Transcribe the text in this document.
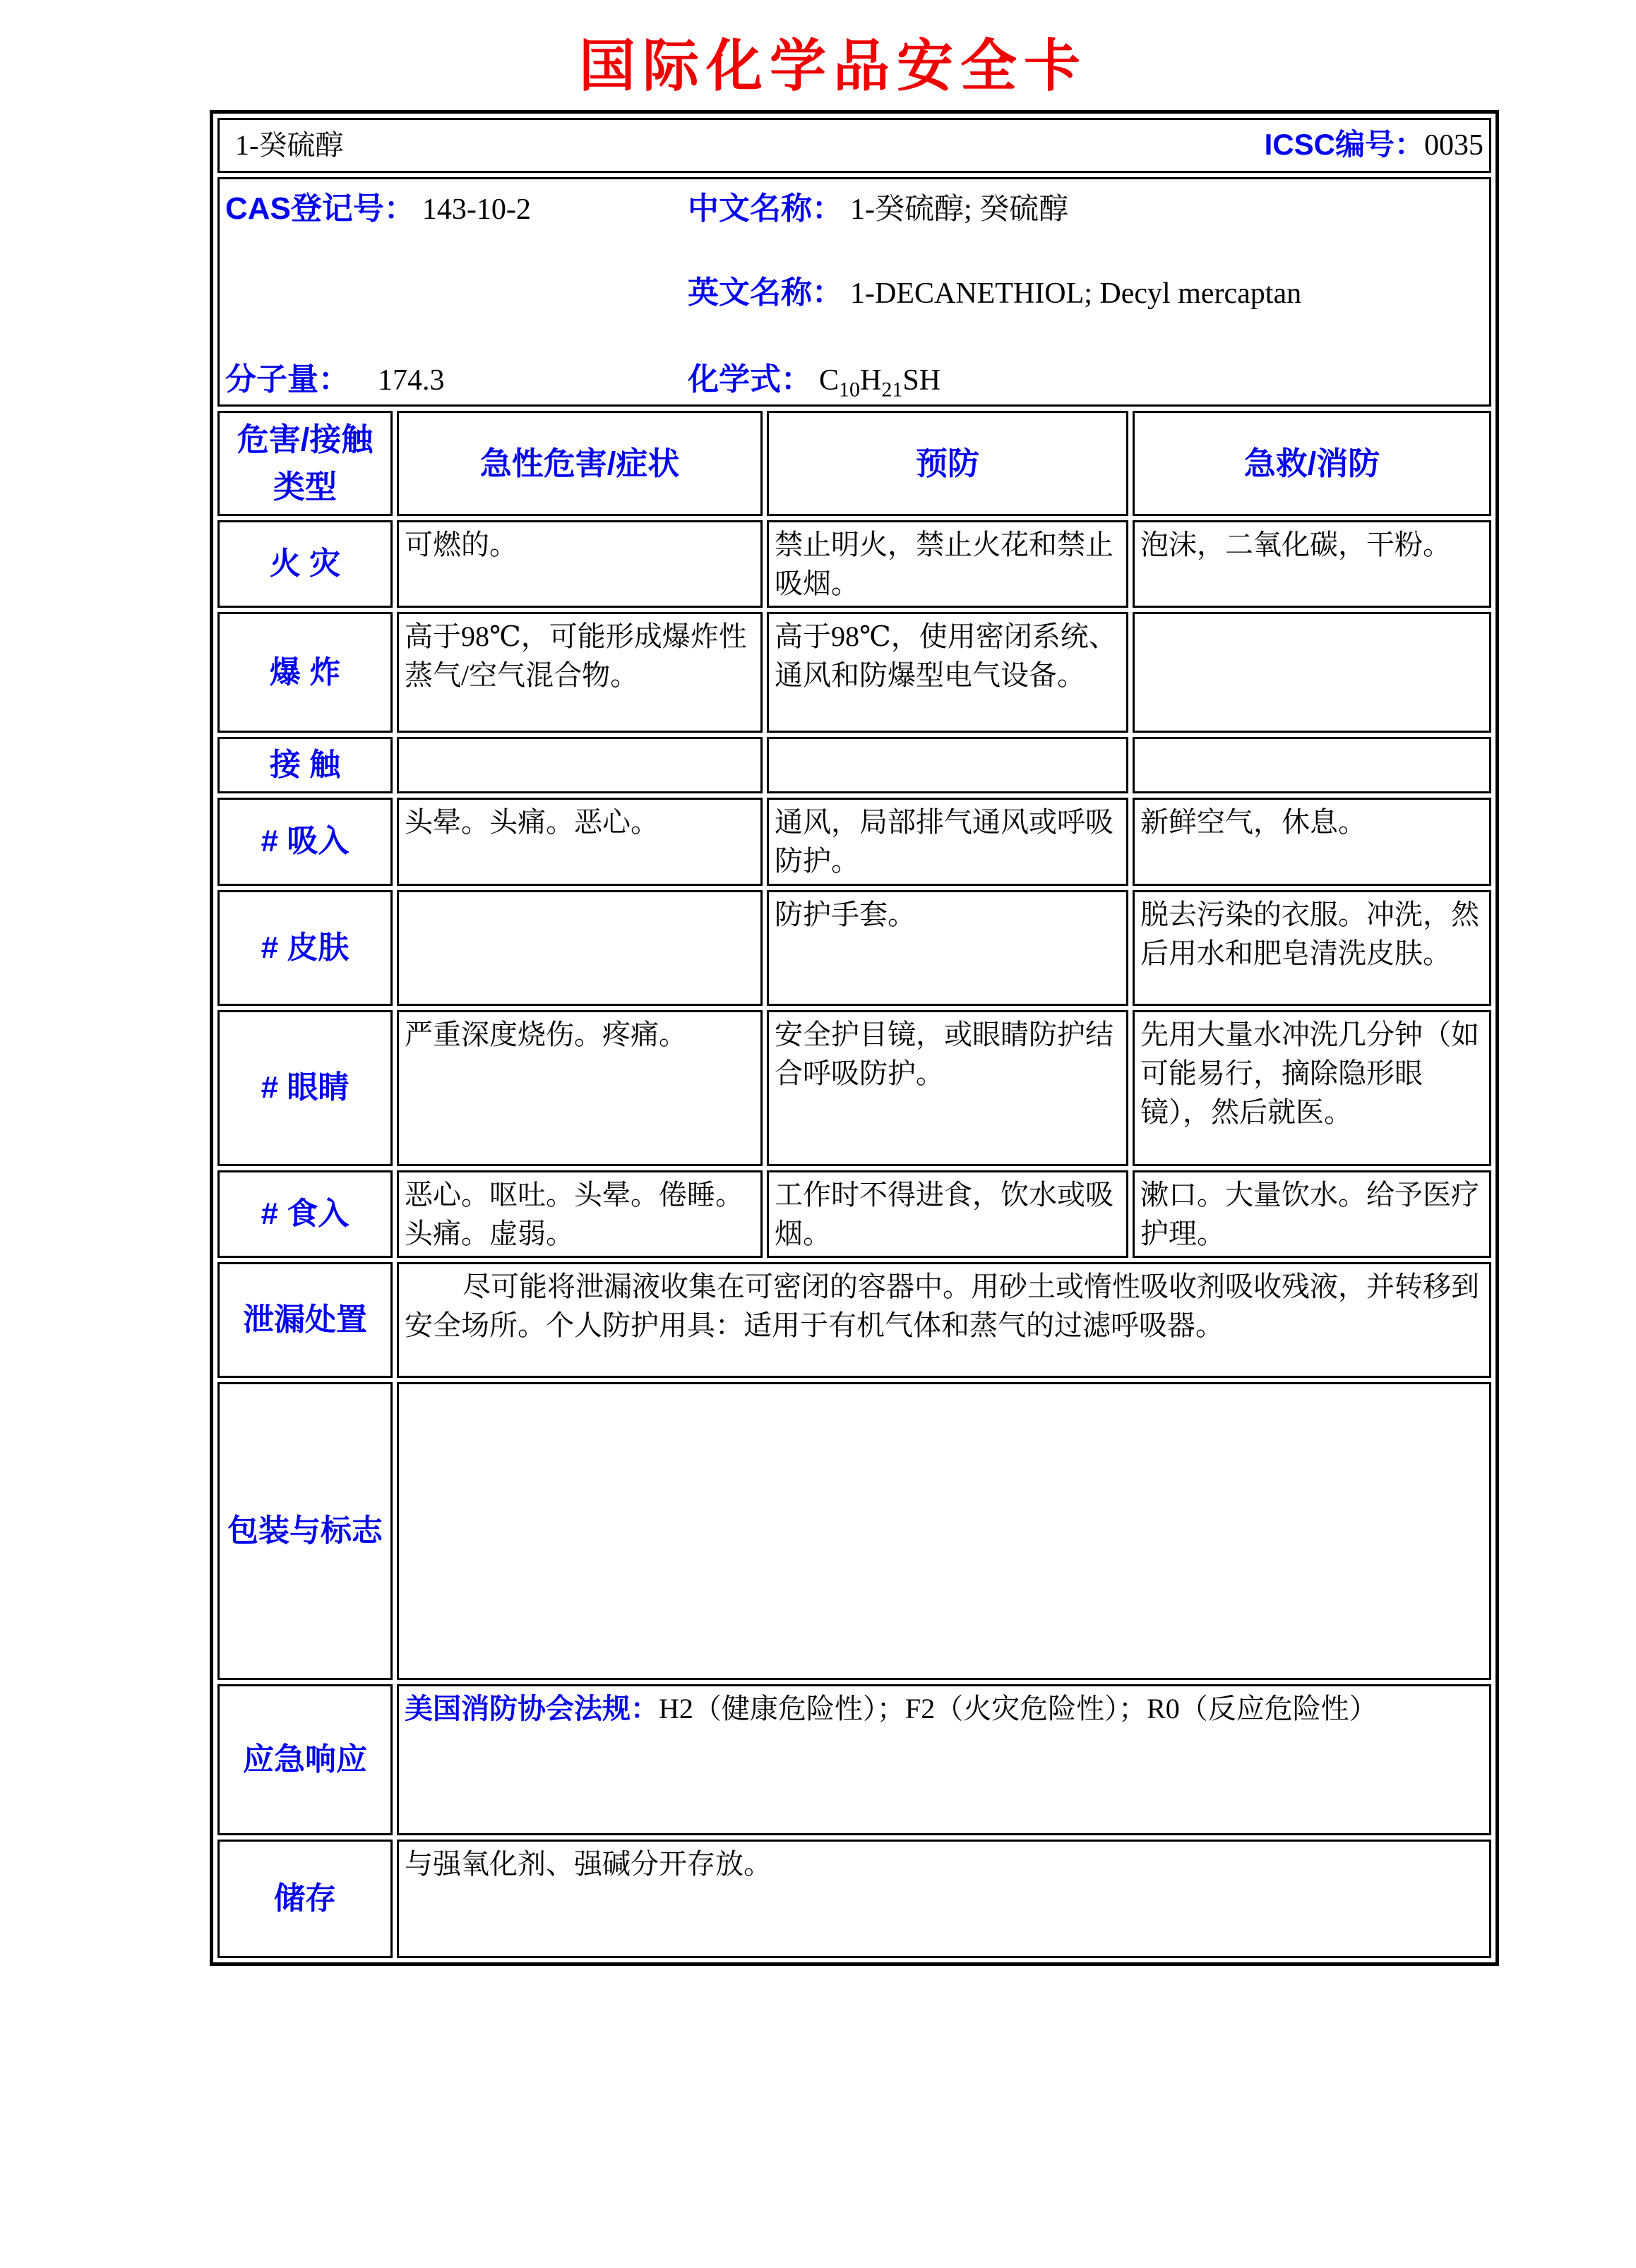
国际化学品安全卡
1-癸硫醇 ICSC编号：0035			

CAS登记号： 143-10-2 中文名称： 1-癸硫醇; 癸硫醇
英文名称： 1-DECANETHIOL; Decyl mercaptan
分子量： 174.3 化学式： $C_{10}H_{21}SH$			

危害/接触
类型	急性危害/症状	预防	急救/消防
火 灾	可燃的。	禁止明火，禁止火花和禁止吸烟。	泡沫，二氧化碳，干粉。
爆 炸	高于98℃，可能形成爆炸性蒸气/空气混合物。	高于98℃，使用密闭系统、通风和防爆型电气设备。	
接 触			
# 吸入	头晕。头痛。恶心。	通风，局部排气通风或呼吸防护。	新鲜空气，休息。
# 皮肤		防护手套。	脱去污染的衣服。冲洗，然后用水和肥皂清洗皮肤。
# 眼睛	严重深度烧伤。疼痛。	安全护目镜，或眼睛防护结合呼吸防护。	先用大量水冲洗几分钟（如可能易行，摘除隐形眼镜），然后就医。
# 食入	恶心。呕吐。头晕。倦睡。头痛。虚弱。	工作时不得进食，饮水或吸烟。	漱口。大量饮水。给予医疗护理。
泄漏处置	尽可能将泄漏液收集在可密闭的容器中。用砂土或惰性吸收剂吸收残液，并转移到安全场所。个人防护用具：适用于有机气体和蒸气的过滤呼吸器。		
包装与标志			
应急响应	美国消防协会法规：H2（健康危险性）；F2（火灾危险性）；R0（反应危险性）		
储存	与强氧化剂、强碱分开存放。		
